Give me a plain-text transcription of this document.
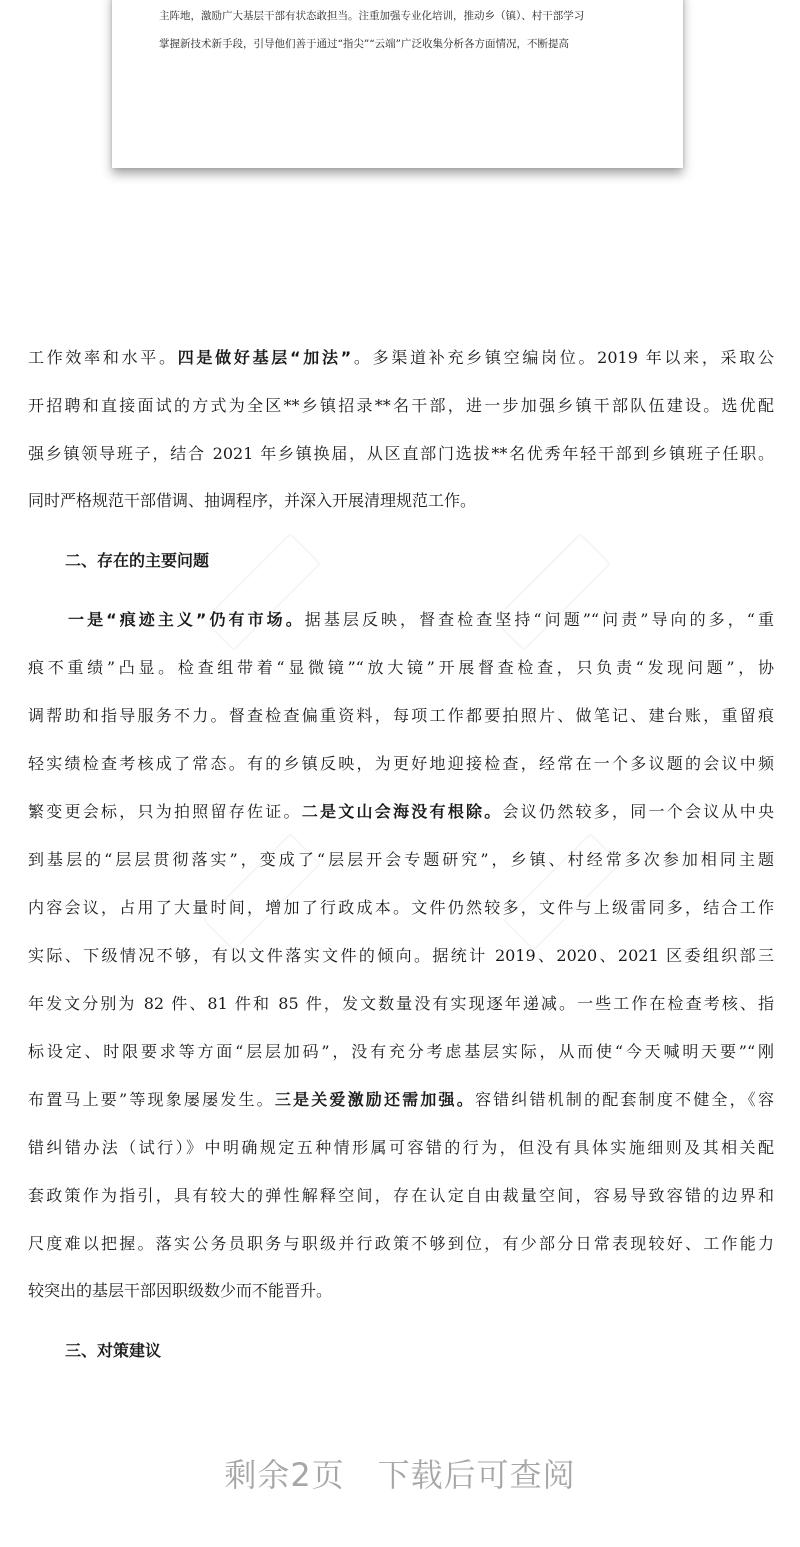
主阵地，激励广大基层干部有状态敢担当。注重加强专业化培训，推动乡（镇）、村干部学习

掌握新技术新手段，引导他们善于通过“指尖”“云端”广泛收集分析各方面情况，不断提高

工作效率和水平。四是做好基层“加法”。多渠道补充乡镇空编岗位。2019 年以来，采取公
开招聘和直接面试的方式为全区**乡镇招录**名干部，进一步加强乡镇干部队伍建设。选优配
强乡镇领导班子，结合 2021 年乡镇换届，从区直部门选拔**名优秀年轻干部到乡镇班子任职。
同时严格规范干部借调、抽调程序，并深入开展清理规范工作。
二、存在的主要问题
一是“痕迹主义”仍有市场。据基层反映，督查检查坚持“问题”“问责”导向的多，“重
痕不重绩”凸显。检查组带着“显微镜”“放大镜”开展督查检查，只负责“发现问题”，协
调帮助和指导服务不力。督查检查偏重资料，每项工作都要拍照片、做笔记、建台账，重留痕
轻实绩检查考核成了常态。有的乡镇反映，为更好地迎接检查，经常在一个多议题的会议中频
繁变更会标，只为拍照留存佐证。二是文山会海没有根除。会议仍然较多，同一个会议从中央
到基层的“层层贯彻落实”，变成了“层层开会专题研究”，乡镇、村经常多次参加相同主题
内容会议，占用了大量时间，增加了行政成本。文件仍然较多，文件与上级雷同多，结合工作
实际、下级情况不够，有以文件落实文件的倾向。据统计 2019、2020、2021 区委组织部三
年发文分别为 82 件、81 件和 85 件，发文数量没有实现逐年递减。一些工作在检查考核、指
标设定、时限要求等方面“层层加码”，没有充分考虑基层实际，从而使“今天喊明天要”“刚
布置马上要”等现象屡屡发生。三是关爱激励还需加强。容错纠错机制的配套制度不健全，《容
错纠错办法（试行）》中明确规定五种情形属可容错的行为，但没有具体实施细则及其相关配
套政策作为指引，具有较大的弹性解释空间，存在认定自由裁量空间，容易导致容错的边界和
尺度难以把握。落实公务员职务与职级并行政策不够到位，有少部分日常表现较好、工作能力
较突出的基层干部因职级数少而不能晋升。
三、对策建议
剩余2页　下载后可查阅
